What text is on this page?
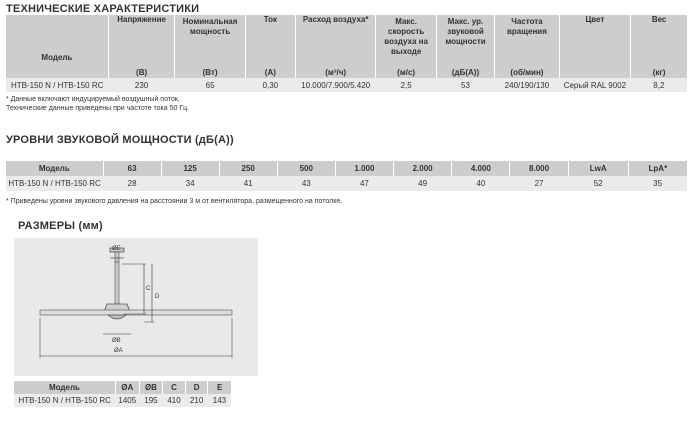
ТЕХНИЧЕСКИЕ ХАРАКТЕРИСТИКИ
Модель	Напряжение	Номинальная мощность	Ток	Расход воздуха*	Макс. скорость воздуха на выходе	Макс. ур. звуковой мощности	Частота вращения	Цвет	Вес
	(В)	(Вт)	(А)	(м³/ч)	(м/с)	(дБ(А))	(об/мин)		(кг)
HTB-150 N / HTB-150 RC	230	65	0,30	10.000/7.900/5.420	2,5	53	240/190/130	Серый RAL 9002	8,2
* Данные включают индуцируемый воздушный поток.
Технические данные приведены при частоте тока 50 Гц.
УРОВНИ ЗВУКОВОЙ МОЩНОСТИ (дБ(А))
Модель	63	125	250	500	1.000	2.000	4.000	8.000	LwA	LpA*
HTB-150 N / HTB-150 RC	28	34	41	43	47	49	40	27	52	35
* Приведены уровни звукового давления на расстоянии 3 м от вентилятора, размещенного на потолке.
РАЗМЕРЫ (мм)
ØE
C
D
ØB
ØA
Модель	ØA	ØB	C	D	E
HTB-150 N / HTB-150 RC	1405	195	410	210	143
